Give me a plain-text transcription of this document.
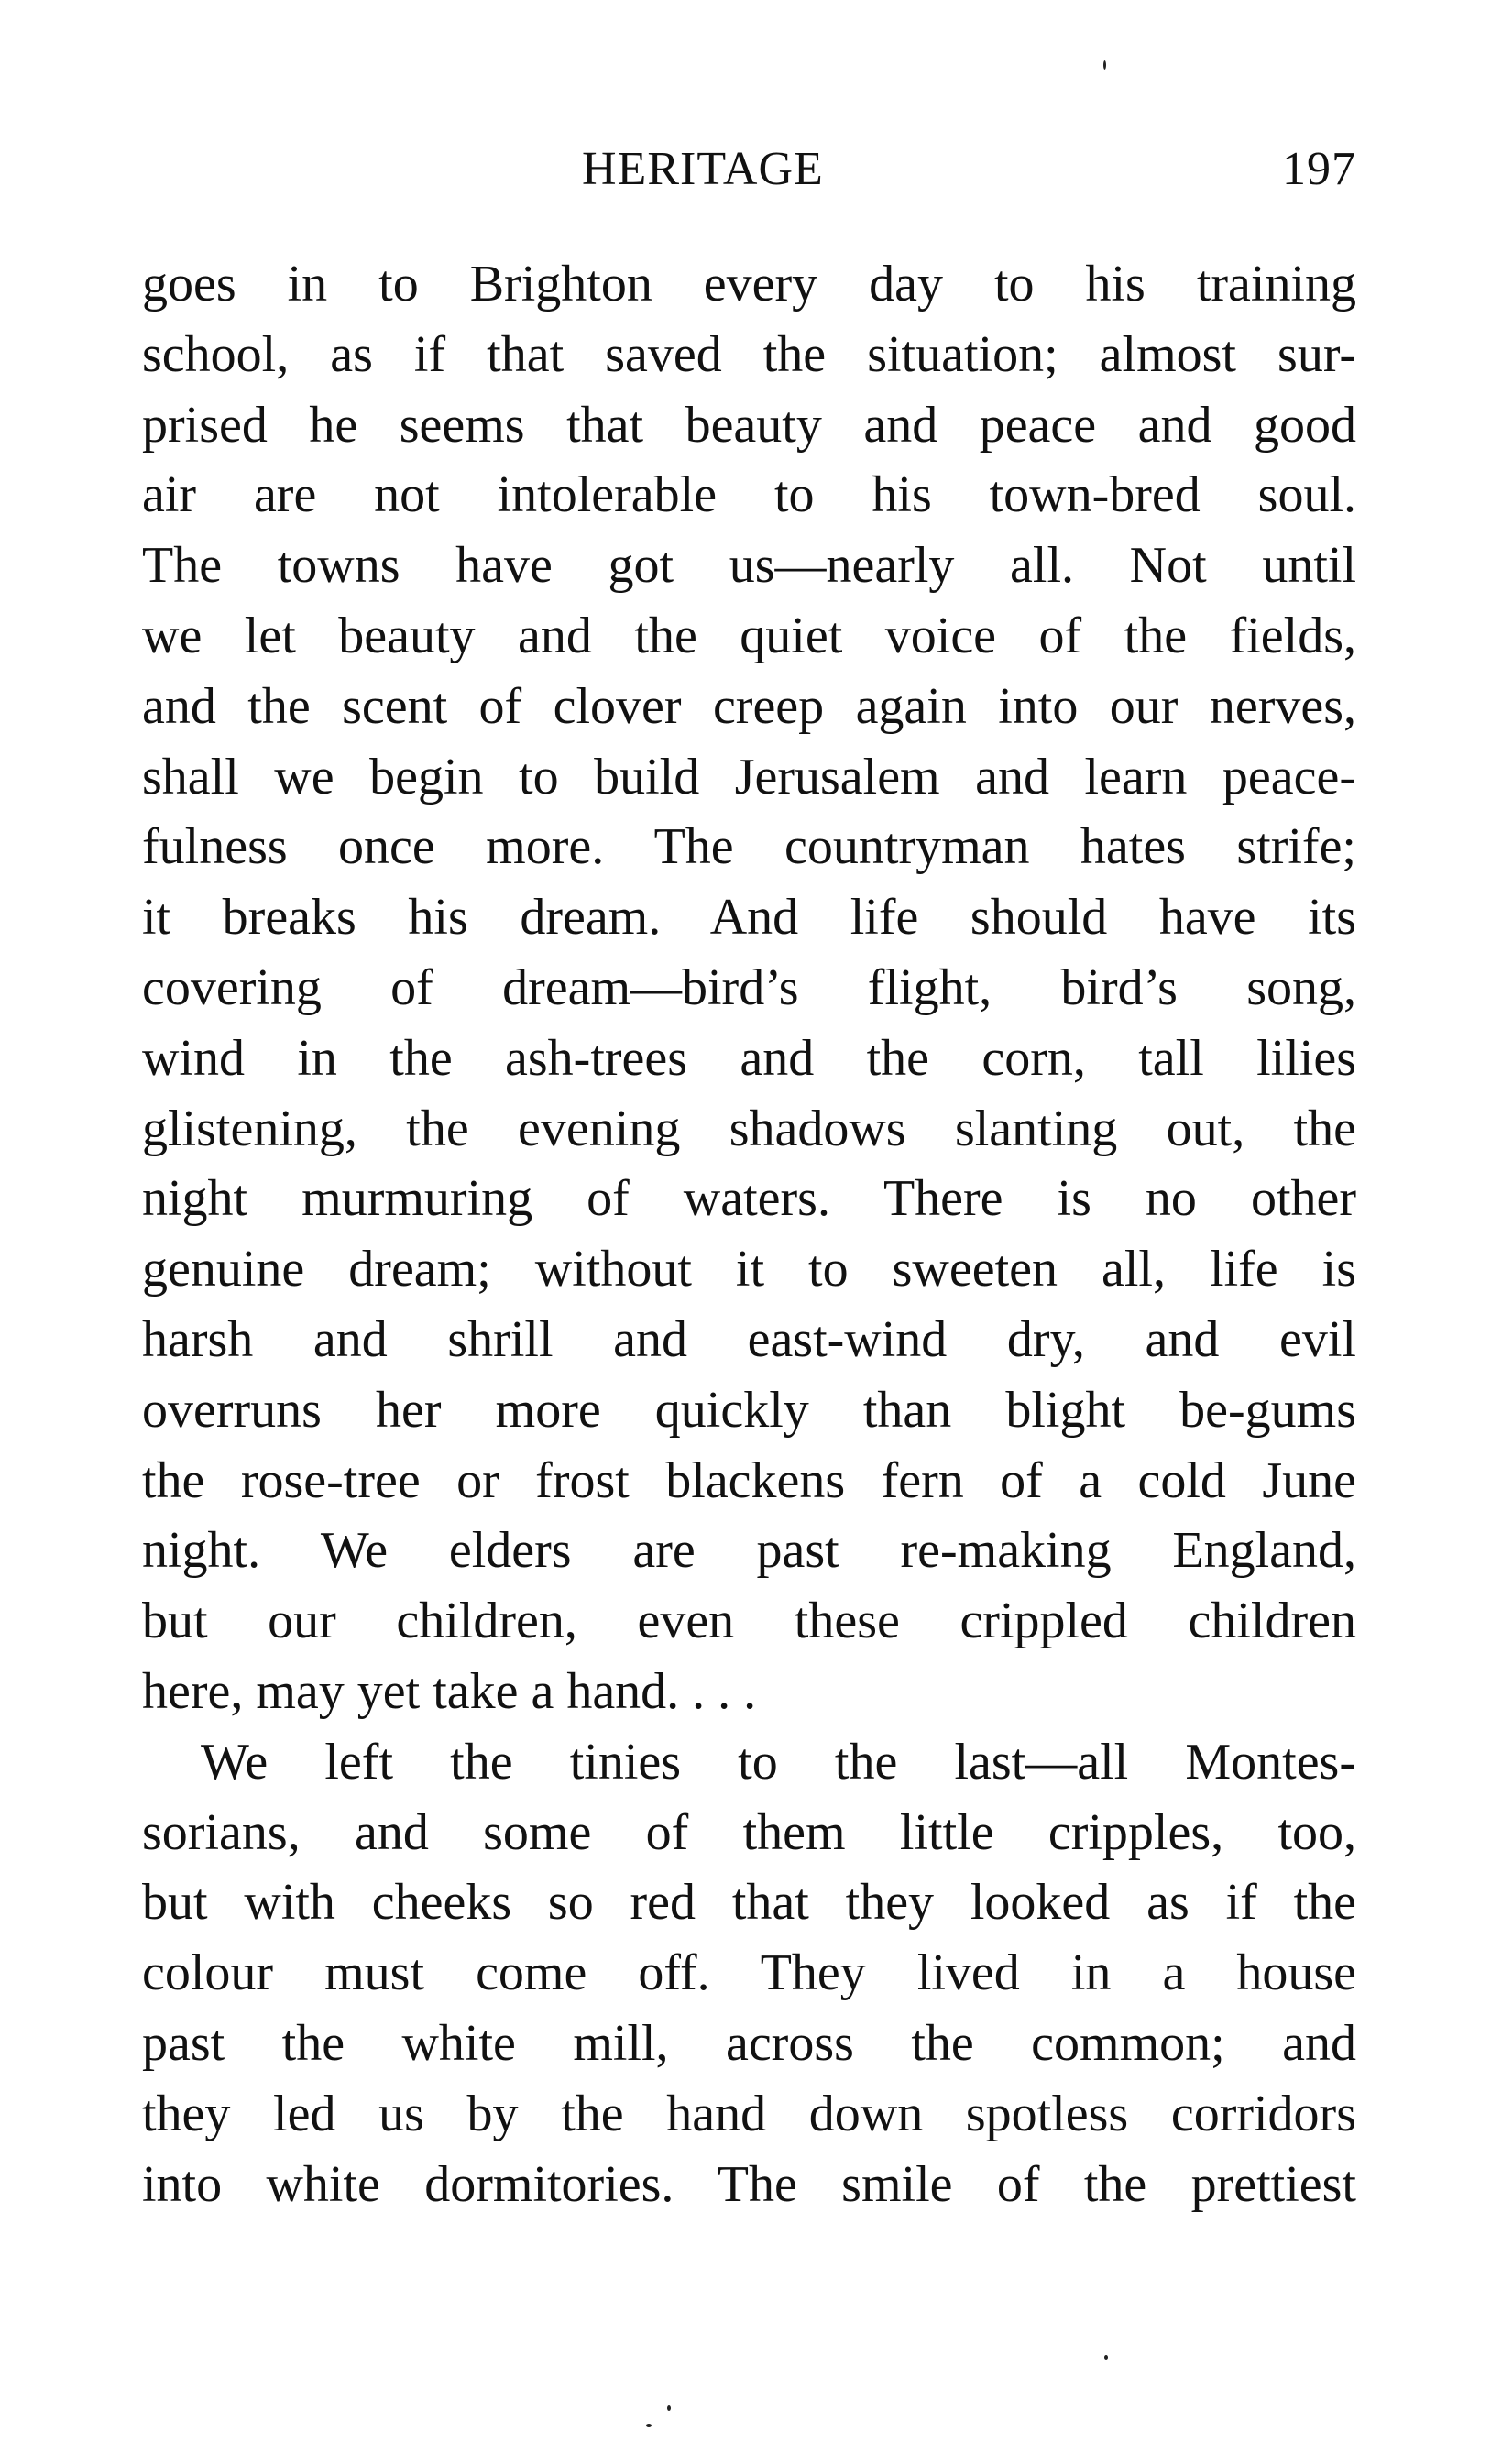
HERITAGE	197
goes in to Brighton every day to his training
school, as if that saved the situation; almost sur-
prised he seems that beauty and peace and good
air are not intolerable to his town-bred soul.
The towns have got us—nearly all. Not until
we let beauty and the quiet voice of the fields,
and the scent of clover creep again into our nerves,
shall we begin to build Jerusalem and learn peace-
fulness once more. The countryman hates strife;
it breaks his dream. And life should have its
covering of dream—bird’s flight, bird’s song,
wind in the ash-trees and the corn, tall lilies
glistening, the evening shadows slanting out, the
night murmuring of waters. There is no other
genuine dream; without it to sweeten all, life is
harsh and shrill and east-wind dry, and evil
overruns her more quickly than blight be-gums
the rose-tree or frost blackens fern of a cold June
night. We elders are past re-making England,
but our children, even these crippled children
here, may yet take a hand. . . .
We left the tinies to the last—all Montes-
sorians, and some of them little cripples, too,
but with cheeks so red that they looked as if the
colour must come off. They lived in a house
past the white mill, across the common; and
they led us by the hand down spotless corridors
into white dormitories. The smile of the prettiest
